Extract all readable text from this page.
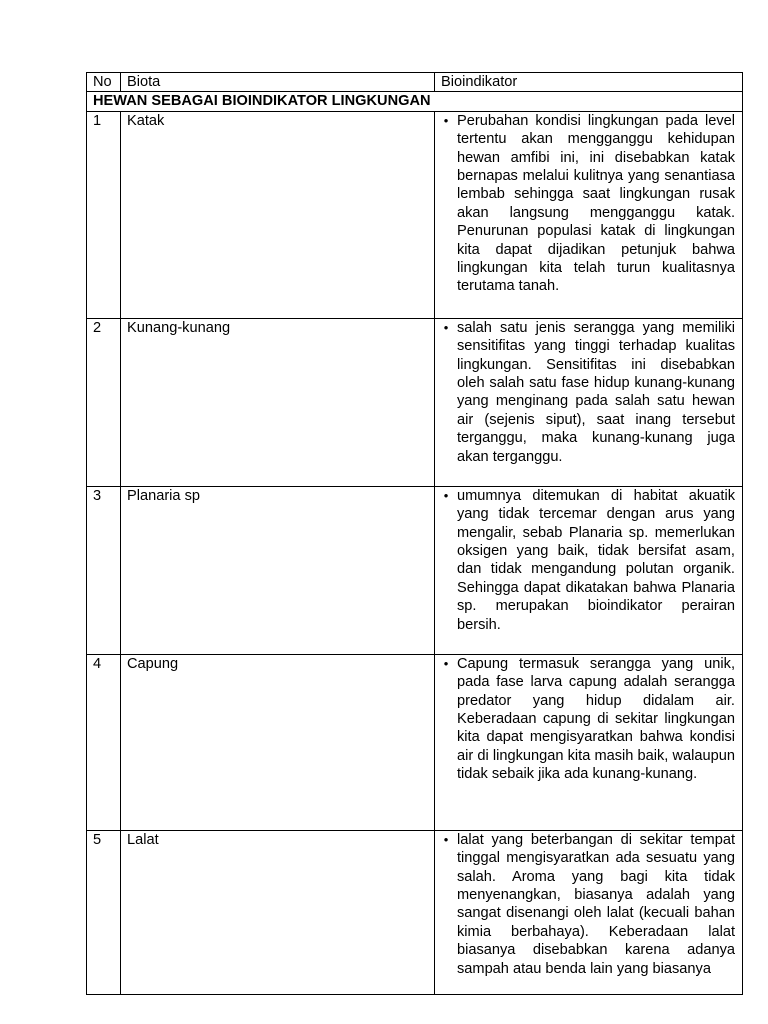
No	Biota	Bioindikator
HEWAN SEBAGAI BIOINDIKATOR LINGKUNGAN		
1	Katak	• Perubahan kondisi lingkungan pada level tertentu akan mengganggu kehidupan hewan amfibi ini, ini disebabkan katak bernapas melalui kulitnya yang senantiasa lembab sehingga saat lingkungan rusak akan langsung mengganggu katak. Penurunan populasi katak di lingkungan kita dapat dijadikan petunjuk bahwa lingkungan kita telah turun kualitasnya terutama tanah.

2	Kunang-kunang	• salah satu jenis serangga yang memiliki sensitifitas yang tinggi terhadap kualitas lingkungan. Sensitifitas ini disebabkan oleh salah satu fase hidup kunang-kunang yang menginang pada salah satu hewan air (sejenis siput), saat inang tersebut terganggu, maka kunang-kunang juga akan terganggu.

3	Planaria sp	• umumnya ditemukan di habitat akuatik yang tidak tercemar dengan arus yang mengalir, sebab Planaria sp. memerlukan oksigen yang baik, tidak bersifat asam, dan tidak mengandung polutan organik. Sehingga dapat dikatakan bahwa Planaria sp. merupakan bioindikator perairan bersih.

4	Capung	• Capung termasuk serangga yang unik, pada fase larva capung adalah serangga predator yang hidup didalam air. Keberadaan capung di sekitar lingkungan kita dapat mengisyaratkan bahwa kondisi air di lingkungan kita masih baik, walaupun tidak sebaik jika ada kunang-kunang.

5	Lalat	• lalat yang beterbangan di sekitar tempat tinggal mengisyaratkan ada sesuatu yang salah. Aroma yang bagi kita tidak menyenangkan, biasanya adalah yang sangat disenangi oleh lalat (kecuali bahan kimia berbahaya). Keberadaan lalat biasanya disebabkan karena adanya sampah atau benda lain yang biasanya
